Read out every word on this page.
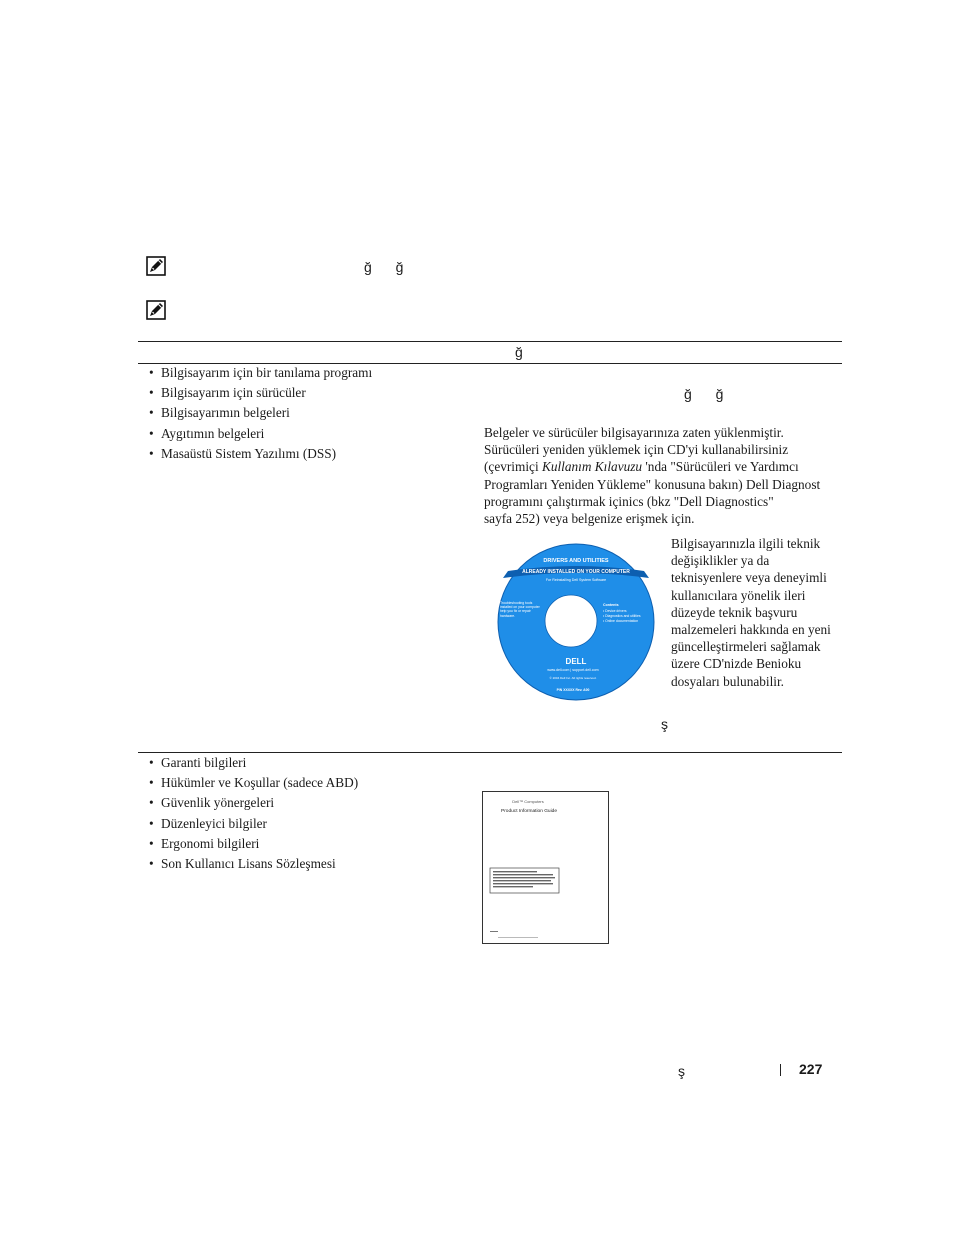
ğ ğ
ğ
• Bilgisayarım için bir tanılama programı
• Bilgisayarım için sürücüler
• Bilgisayarımın belgeleri
• Aygıtımın belgeleri
• Masaüstü Sistem Yazılımı (DSS)
ğ ğ
Belgeler ve sürücüler bilgisayarınıza zaten yüklenmiştir.
Sürücüleri yeniden yüklemek için CD'yi kullanabilirsiniz
(çevrimiçi Kullanım Kılavuzu 'nda "Sürücüleri ve Yardımcı
Programları Yeniden Yükleme" konusuna bakın) Dell Diagnost
programını çalıştırmak içinics (bkz "Dell Diagnostics"
sayfa 252) veya belgenize erişmek için.
DRIVERS AND UTILITIES
ALREADY INSTALLED ON YOUR COMPUTER
For Reinstalling Dell System Software
Troubleshooting tools installed on your computer help you fix or repair hardware.
Contents
• Device drivers
• Diagnostics and utilities
• Online documentation
www.dell.com | support.dell.com
DELL
© 2004 Dell Inc. All rights reserved.
P/N XXXXX Rev. A00
Bilgisayarınızla ilgili teknik
değişiklikler ya da
teknisyenlere veya deneyimli
kullanıcılara yönelik ileri
düzeyde teknik başvuru
malzemeleri hakkında en yeni
güncelleştirmeleri sağlamak
üzere CD'nizde Benioku
dosyaları bulunabilir.
ş
• Garanti bilgileri
• Hükümler ve Koşullar (sadece ABD)
• Güvenlik yönergeleri
• Düzenleyici bilgiler
• Ergonomi bilgileri
• Son Kullanıcı Lisans Sözleşmesi
Dell™ Computers
Product Information Guide
ş	227
